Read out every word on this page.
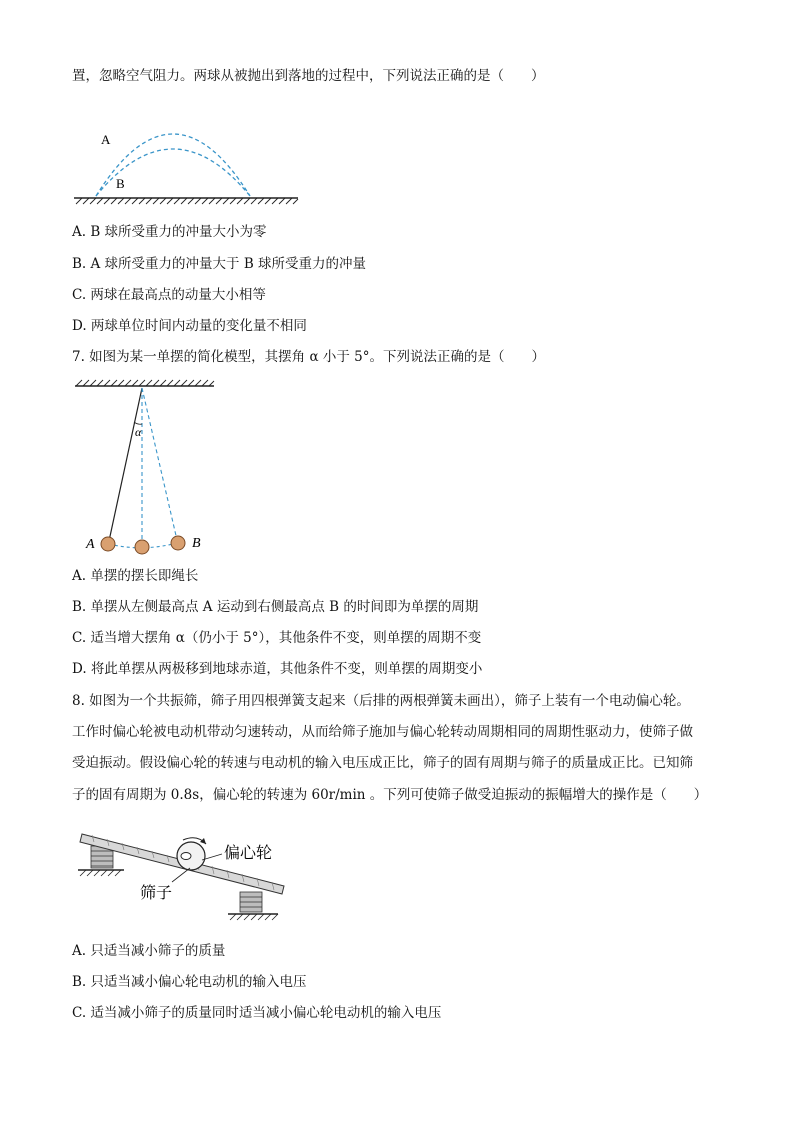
置，忽略空气阻力。两球从被抛出到落地的过程中，下列说法正确的是（　　）
A
B
A. B 球所受重力的冲量大小为零
B. A 球所受重力的冲量大于 B 球所受重力的冲量
C. 两球在最高点的动量大小相等
D. 两球单位时间内动量的变化量不相同
7. 如图为某一单摆的简化模型，其摆角 α 小于 5°。下列说法正确的是（　　）
α
A	B
A. 单摆的摆长即绳长
B. 单摆从左侧最高点 A 运动到右侧最高点 B 的时间即为单摆的周期
C. 适当增大摆角 α（仍小于 5°），其他条件不变，则单摆的周期不变
D. 将此单摆从两极移到地球赤道，其他条件不变，则单摆的周期变小
8. 如图为一个共振筛，筛子用四根弹簧支起来（后排的两根弹簧未画出），筛子上装有一个电动偏心轮。
工作时偏心轮被电动机带动匀速转动，从而给筛子施加与偏心轮转动周期相同的周期性驱动力，使筛子做
受迫振动。假设偏心轮的转速与电动机的输入电压成正比，筛子的固有周期与筛子的质量成正比。已知筛
子的固有周期为 0.8s，偏心轮的转速为 60r/min 。下列可使筛子做受迫振动的振幅增大的操作是（　　）
偏心轮
筛子
A. 只适当减小筛子的质量
B. 只适当减小偏心轮电动机的输入电压
C. 适当减小筛子的质量同时适当减小偏心轮电动机的输入电压
